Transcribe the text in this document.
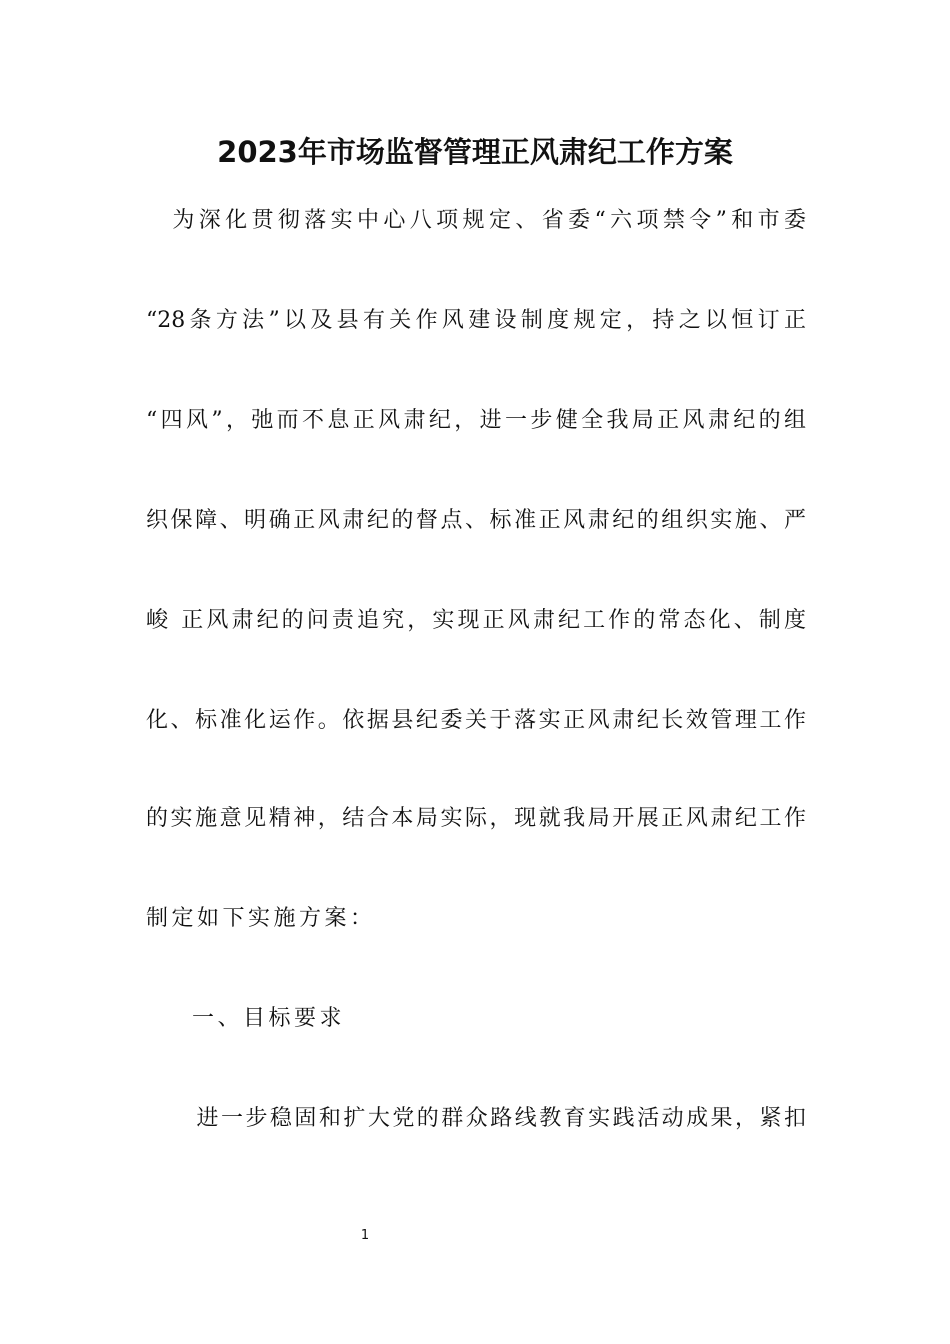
2023年市场监督管理正风肃纪工作方案
　为深化贯彻落实中心八项规定、省委“六项禁令”和市委
“28条方法”以及县有关作风建设制度规定，持之以恒订正
“四风”，弛而不息正风肃纪，进一步健全我局正风肃纪的组
织保障、明确正风肃纪的督点、标准正风肃纪的组织实施、严
峻 正风肃纪的问责追究，实现正风肃纪工作的常态化、制度
化、标准化运作。依据县纪委关于落实正风肃纪长效管理工作
的实施意见精神，结合本局实际，现就我局开展正风肃纪工作
制定如下实施方案：
一、目标要求
　进一步稳固和扩大党的群众路线教育实践活动成果，紧扣
1
